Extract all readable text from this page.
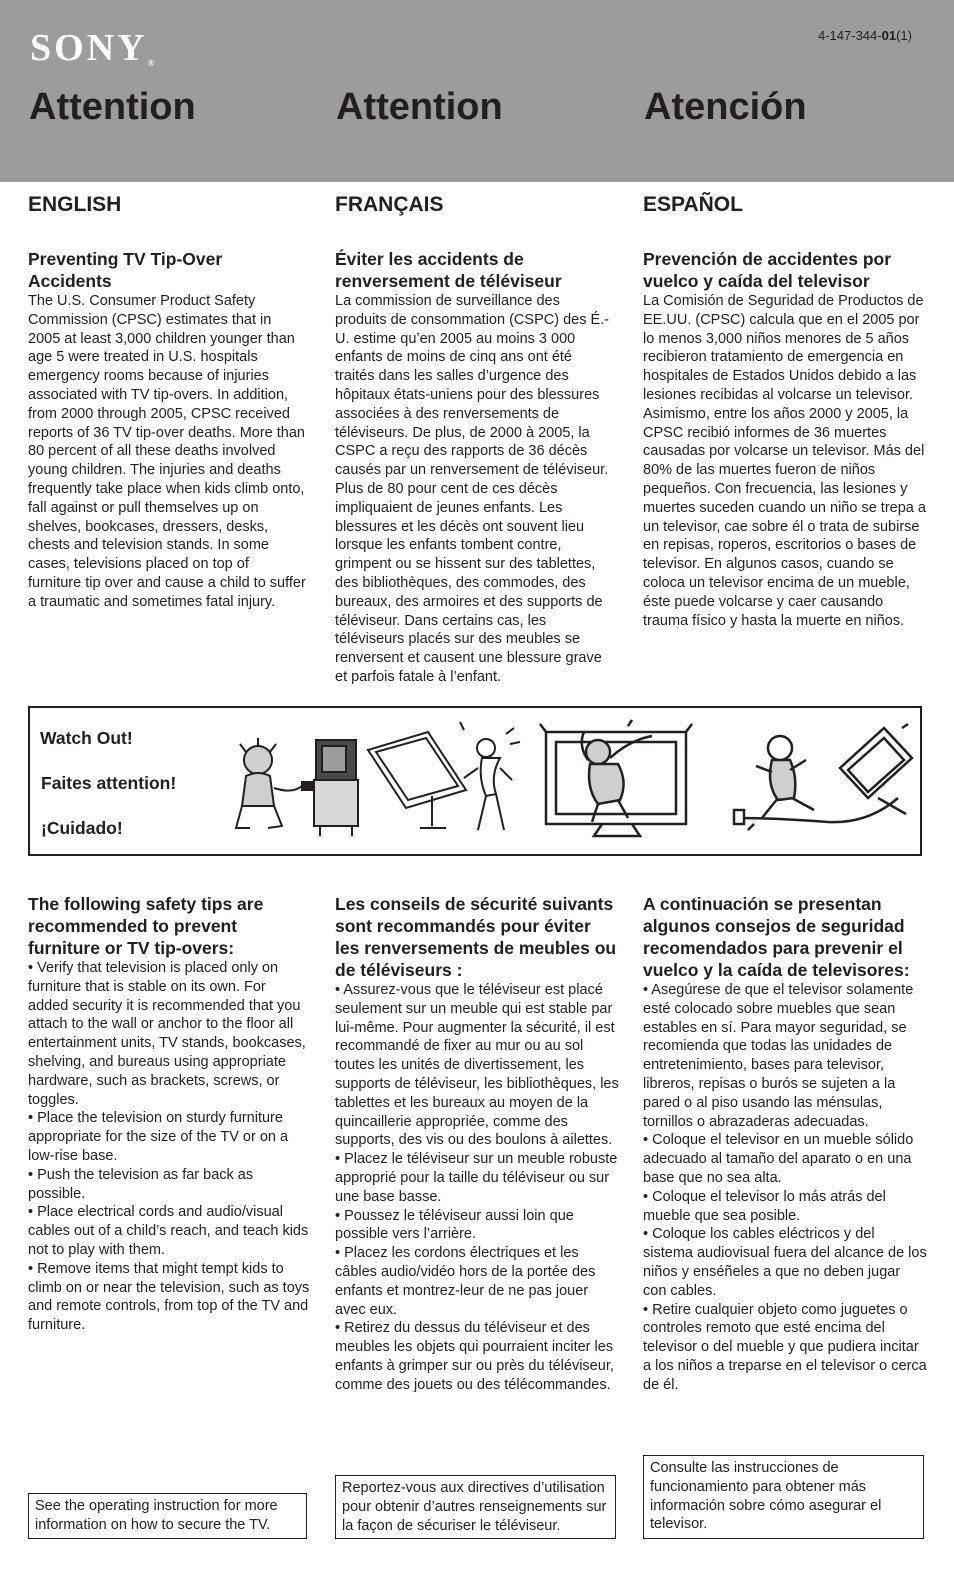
SONY®
4-147-344-01(1)
Attention	Attention	Atención
ENGLISH
Preventing TV Tip-Over Accidents

The U.S. Consumer Product Safety Commission (CPSC) estimates that in 2005 at least 3,000 children younger than age 5 were treated in U.S. hospitals emergency rooms because of injuries associated with TV tip-overs. In addition, from 2000 through 2005, CPSC received reports of 36 TV tip-over deaths. More than 80 percent of all these deaths involved young children. The injuries and deaths frequently take place when kids climb onto, fall against or pull themselves up on shelves, bookcases, dressers, desks, chests and television stands. In some cases, televisions placed on top of furniture tip over and cause a child to suffer a traumatic and sometimes fatal injury.

FRANÇAIS
Éviter les accidents de renversement de téléviseur

La commission de surveillance des produits de consommation (CSPC) des É.-U. estime qu’en 2005 au moins 3 000 enfants de moins de cinq ans ont été traités dans les salles d’urgence des hôpitaux états-uniens pour des blessures associées à des renversements de téléviseurs. De plus, de 2000 à 2005, la CSPC a reçu des rapports de 36 décès causés par un renversement de téléviseur. Plus de 80 pour cent de ces décès impliquaient de jeunes enfants. Les blessures et les décès ont souvent lieu lorsque les enfants tombent contre, grimpent ou se hissent sur des tablettes, des bibliothèques, des commodes, des bureaux, des armoires et des supports de téléviseur. Dans certains cas, les téléviseurs placés sur des meubles se renversent et causent une blessure grave et parfois fatale à l’enfant.

ESPAÑOL
Prevención de accidentes por vuelco y caída del televisor

La Comisión de Seguridad de Productos de EE.UU. (CPSC) calcula que en el 2005 por lo menos 3,000 niños menores de 5 años recibieron tratamiento de emergencia en hospitales de Estados Unidos debido a las lesiones recibidas al volcarse un televisor. Asimismo, entre los años 2000 y 2005, la CPSC recibió informes de 36 muertes causadas por volcarse un televisor. Más del 80% de las muertes fueron de niños pequeños. Con frecuencia, las lesiones y muertes suceden cuando un niño se trepa a un televisor, cae sobre él o trata de subirse en repisas, roperos, escritorios o bases de televisor. En algunos casos, cuando se coloca un televisor encima de un mueble, éste puede volcarse y caer causando trauma físico y hasta la muerte en niños.

Watch Out!
Faites attention!
¡Cuidado!
The following safety tips are recommended to prevent furniture or TV tip-overs:

• Verify that television is placed only on furniture that is stable on its own. For added security it is recommended that you attach to the wall or anchor to the floor all entertainment units, TV stands, bookcases, shelving, and bureaus using appropriate hardware, such as brackets, screws, or toggles.

• Place the television on sturdy furniture appropriate for the size of the TV or on a low-rise base.

• Push the television as far back as possible.

• Place electrical cords and audio/visual cables out of a child’s reach, and teach kids not to play with them.

• Remove items that might tempt kids to climb on or near the television, such as toys and remote controls, from top of the TV and furniture.

Les conseils de sécurité suivants sont recommandés pour éviter les renversements de meubles ou de téléviseurs :

• Assurez-vous que le téléviseur est placé seulement sur un meuble qui est stable par lui-même. Pour augmenter la sécurité, il est recommandé de fixer au mur ou au sol toutes les unités de divertissement, les supports de téléviseur, les bibliothèques, les tablettes et les bureaux au moyen de la quincaillerie appropriée, comme des supports, des vis ou des boulons à ailettes.

• Placez le téléviseur sur un meuble robuste approprié pour la taille du téléviseur ou sur une base basse.

• Poussez le téléviseur aussi loin que possible vers l’arrière.

• Placez les cordons électriques et les câbles audio/vidéo hors de la portée des enfants et montrez-leur de ne pas jouer avec eux.

• Retirez du dessus du téléviseur et des meubles les objets qui pourraient inciter les enfants à grimper sur ou près du téléviseur, comme des jouets ou des télécommandes.

A continuación se presentan algunos consejos de seguridad recomendados para prevenir el vuelco y la caída de televisores:

• Asegúrese de que el televisor solamente esté colocado sobre muebles que sean estables en sí. Para mayor seguridad, se recomienda que todas las unidades de entretenimiento, bases para televisor, libreros, repisas o burós se sujeten a la pared o al piso usando las ménsulas, tornillos o abrazaderas adecuadas.

• Coloque el televisor en un mueble sólido adecuado al tamaño del aparato o en una base que no sea alta.

• Coloque el televisor lo más atrás del mueble que sea posible.

• Coloque los cables eléctricos y del sistema audiovisual fuera del alcance de los niños y enséñeles a que no deben jugar con cables.

• Retire cualquier objeto como juguetes o controles remoto que esté encima del televisor o del mueble y que pudiera incitar a los niños a treparse en el televisor o cerca de él.

See the operating instruction for more information on how to secure the TV.
Reportez-vous aux directives d’utilisation pour obtenir d’autres renseignements sur la façon de sécuriser le téléviseur.
Consulte las instrucciones de funcionamiento para obtener más información sobre cómo asegurar el televisor.
